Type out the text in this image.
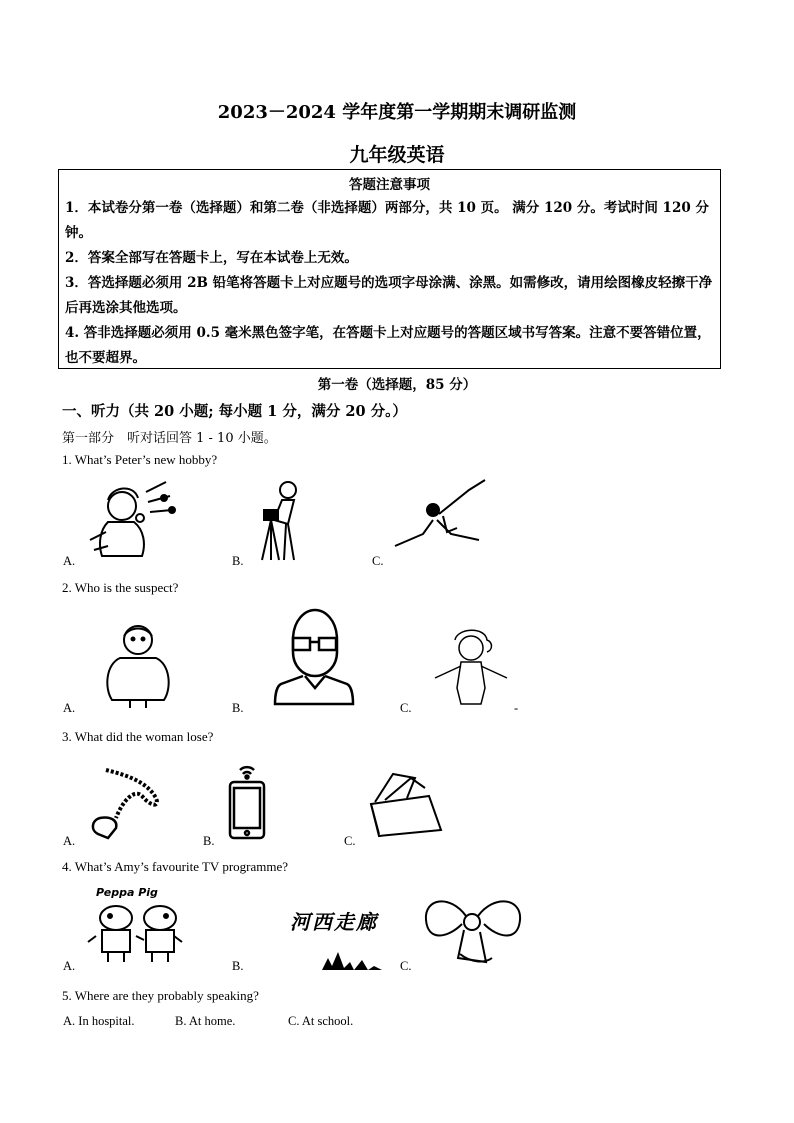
2023－2024 学年度第一学期期末调研监测
九年级英语
答题注意事项
1．本试卷分第一卷（选择题）和第二卷（非选择题）两部分，共 10 页。 满分 120 分。考试时间 120 分钟。
2．答案全部写在答题卡上，写在本试卷上无效。
3．答选择题必须用 2B 铅笔将答题卡上对应题号的选项字母涂满、涂黑。如需修改，请用绘图橡皮轻擦干净后再选涂其他选项。
4. 答非选择题必须用 0.5 毫米黑色签字笔，在答题卡上对应题号的答题区域书写答案。注意不要答错位置，也不要超界。
第一卷（选择题，85 分）
一、听力（共 20 小题; 每小题 1 分，满分 20 分。）
第一部分　听对话回答 1 - 10 小题。
1. What’s Peter’s new hobby?
A.	B.	C.
2. Who is the suspect?
A.	B.	C.	-
3. What did the woman lose?
A.	B.	C.
4. What’s Amy’s favourite TV programme?
A.	B.	C.
Peppa Pig
河西走廊
5. Where are they probably speaking?
A. In hospital.	B. At home.	C. At school.
